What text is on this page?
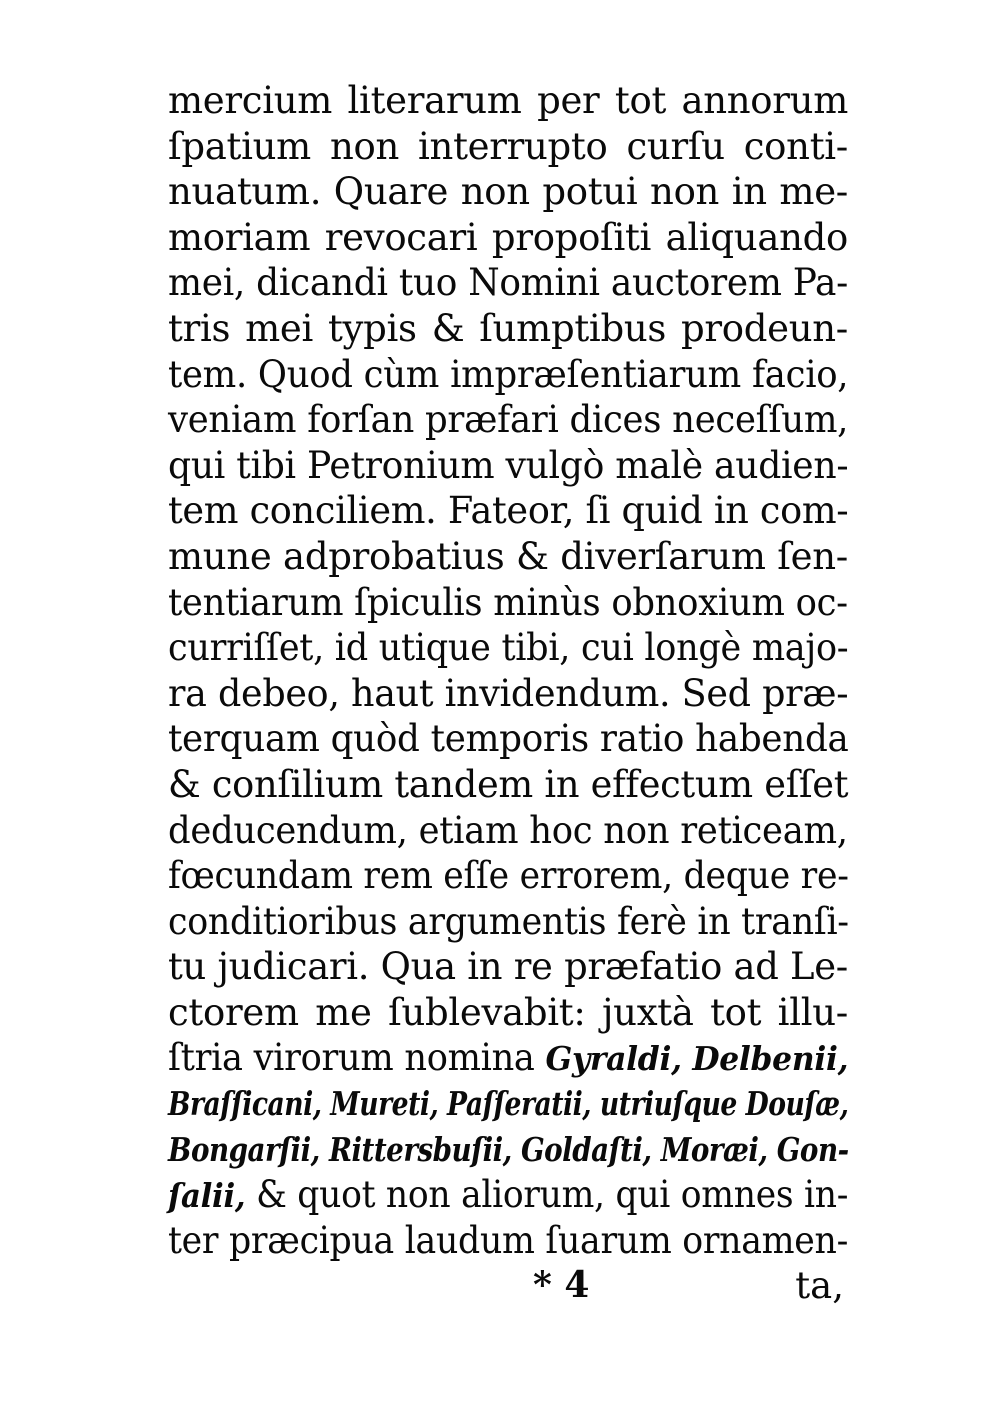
mercium literarum per tot annorum
ſpatium non interrupto curſu conti-
nuatum. Quare non potui non in me-
moriam revocari propoſiti aliquando
mei, dicandi tuo Nomini auctorem Pa-
tris mei typis & ſumptibus prodeun-
tem. Quod cùm impræſentiarum facio,
veniam forſan præfari dices neceſſum,
qui tibi Petronium vulgò malè audien-
tem conciliem. Fateor, ſi quid in com-
mune adprobatius & diverſarum ſen-
tentiarum ſpiculis minùs obnoxium oc-
curriſſet, id utique tibi, cui longè majo-
ra debeo, haut invidendum. Sed præ-
terquam quòd temporis ratio habenda
& conſilium tandem in effectum eſſet
deducendum, etiam hoc non reticeam,
fœcundam rem eſſe errorem, deque re-
conditioribus argumentis ferè in tranſi-
tu judicari. Qua in re præfatio ad Le-
ctorem me ſublevabit: juxtà tot illu-
ſtria virorum nomina Gyraldi, Delbenii,
Braſſicani, Mureti, Paſſeratii, utriuſque Douſæ,
Bongarſii, Rittersbuſii, Goldaſti, Moræi, Gon-
ſalii, & quot non aliorum, qui omnes in-
ter præcipua laudum ſuarum ornamen-
* 4	ta,
